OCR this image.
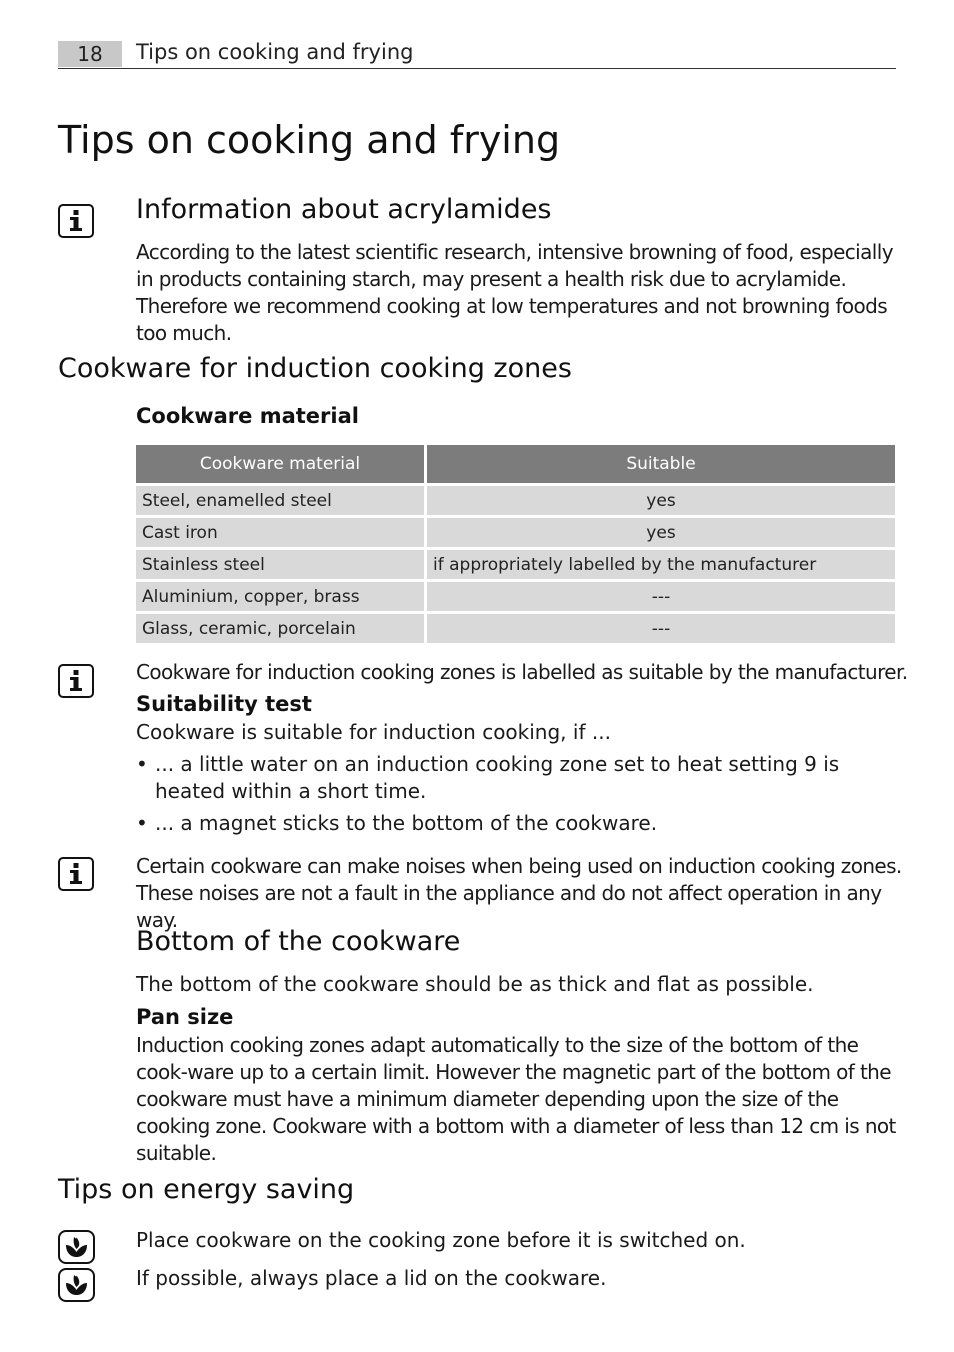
18	Tips on cooking and frying
Tips on cooking and frying
Information about acrylamides

According to the latest scientific research, intensive browning of food, especially in products containing starch, may present a health risk due to acrylamide. Therefore we recommend cooking at low temperatures and not browning foods too much.

Cookware for induction cooking zones
Cookware material
Cookware material	Suitable
Steel, enamelled steel	yes
Cast iron	yes
Stainless steel	if appropriately labelled by the manufacturer
Aluminium, copper, brass	---
Glass, ceramic, porcelain	---

Cookware for induction cooking zones is labelled as suitable by the manufacturer.

Suitability test

Cookware is suitable for induction cooking, if ...

• ... a little water on an induction cooking zone set to heat setting 9 is heated within a short time.
• ... a magnet sticks to the bottom of the cookware.

Certain cookware can make noises when being used on induction cooking zones. These noises are not a fault in the appliance and do not affect operation in any way.

Bottom of the cookware

The bottom of the cookware should be as thick and flat as possible.

Pan size

Induction cooking zones adapt automatically to the size of the bottom of the cook-ware up to a certain limit. However the magnetic part of the bottom of the cookware must have a minimum diameter depending upon the size of the cooking zone. Cookware with a bottom with a diameter of less than 12 cm is not suitable.

Tips on energy saving

Place cookware on the cooking zone before it is switched on.

If possible, always place a lid on the cookware.
